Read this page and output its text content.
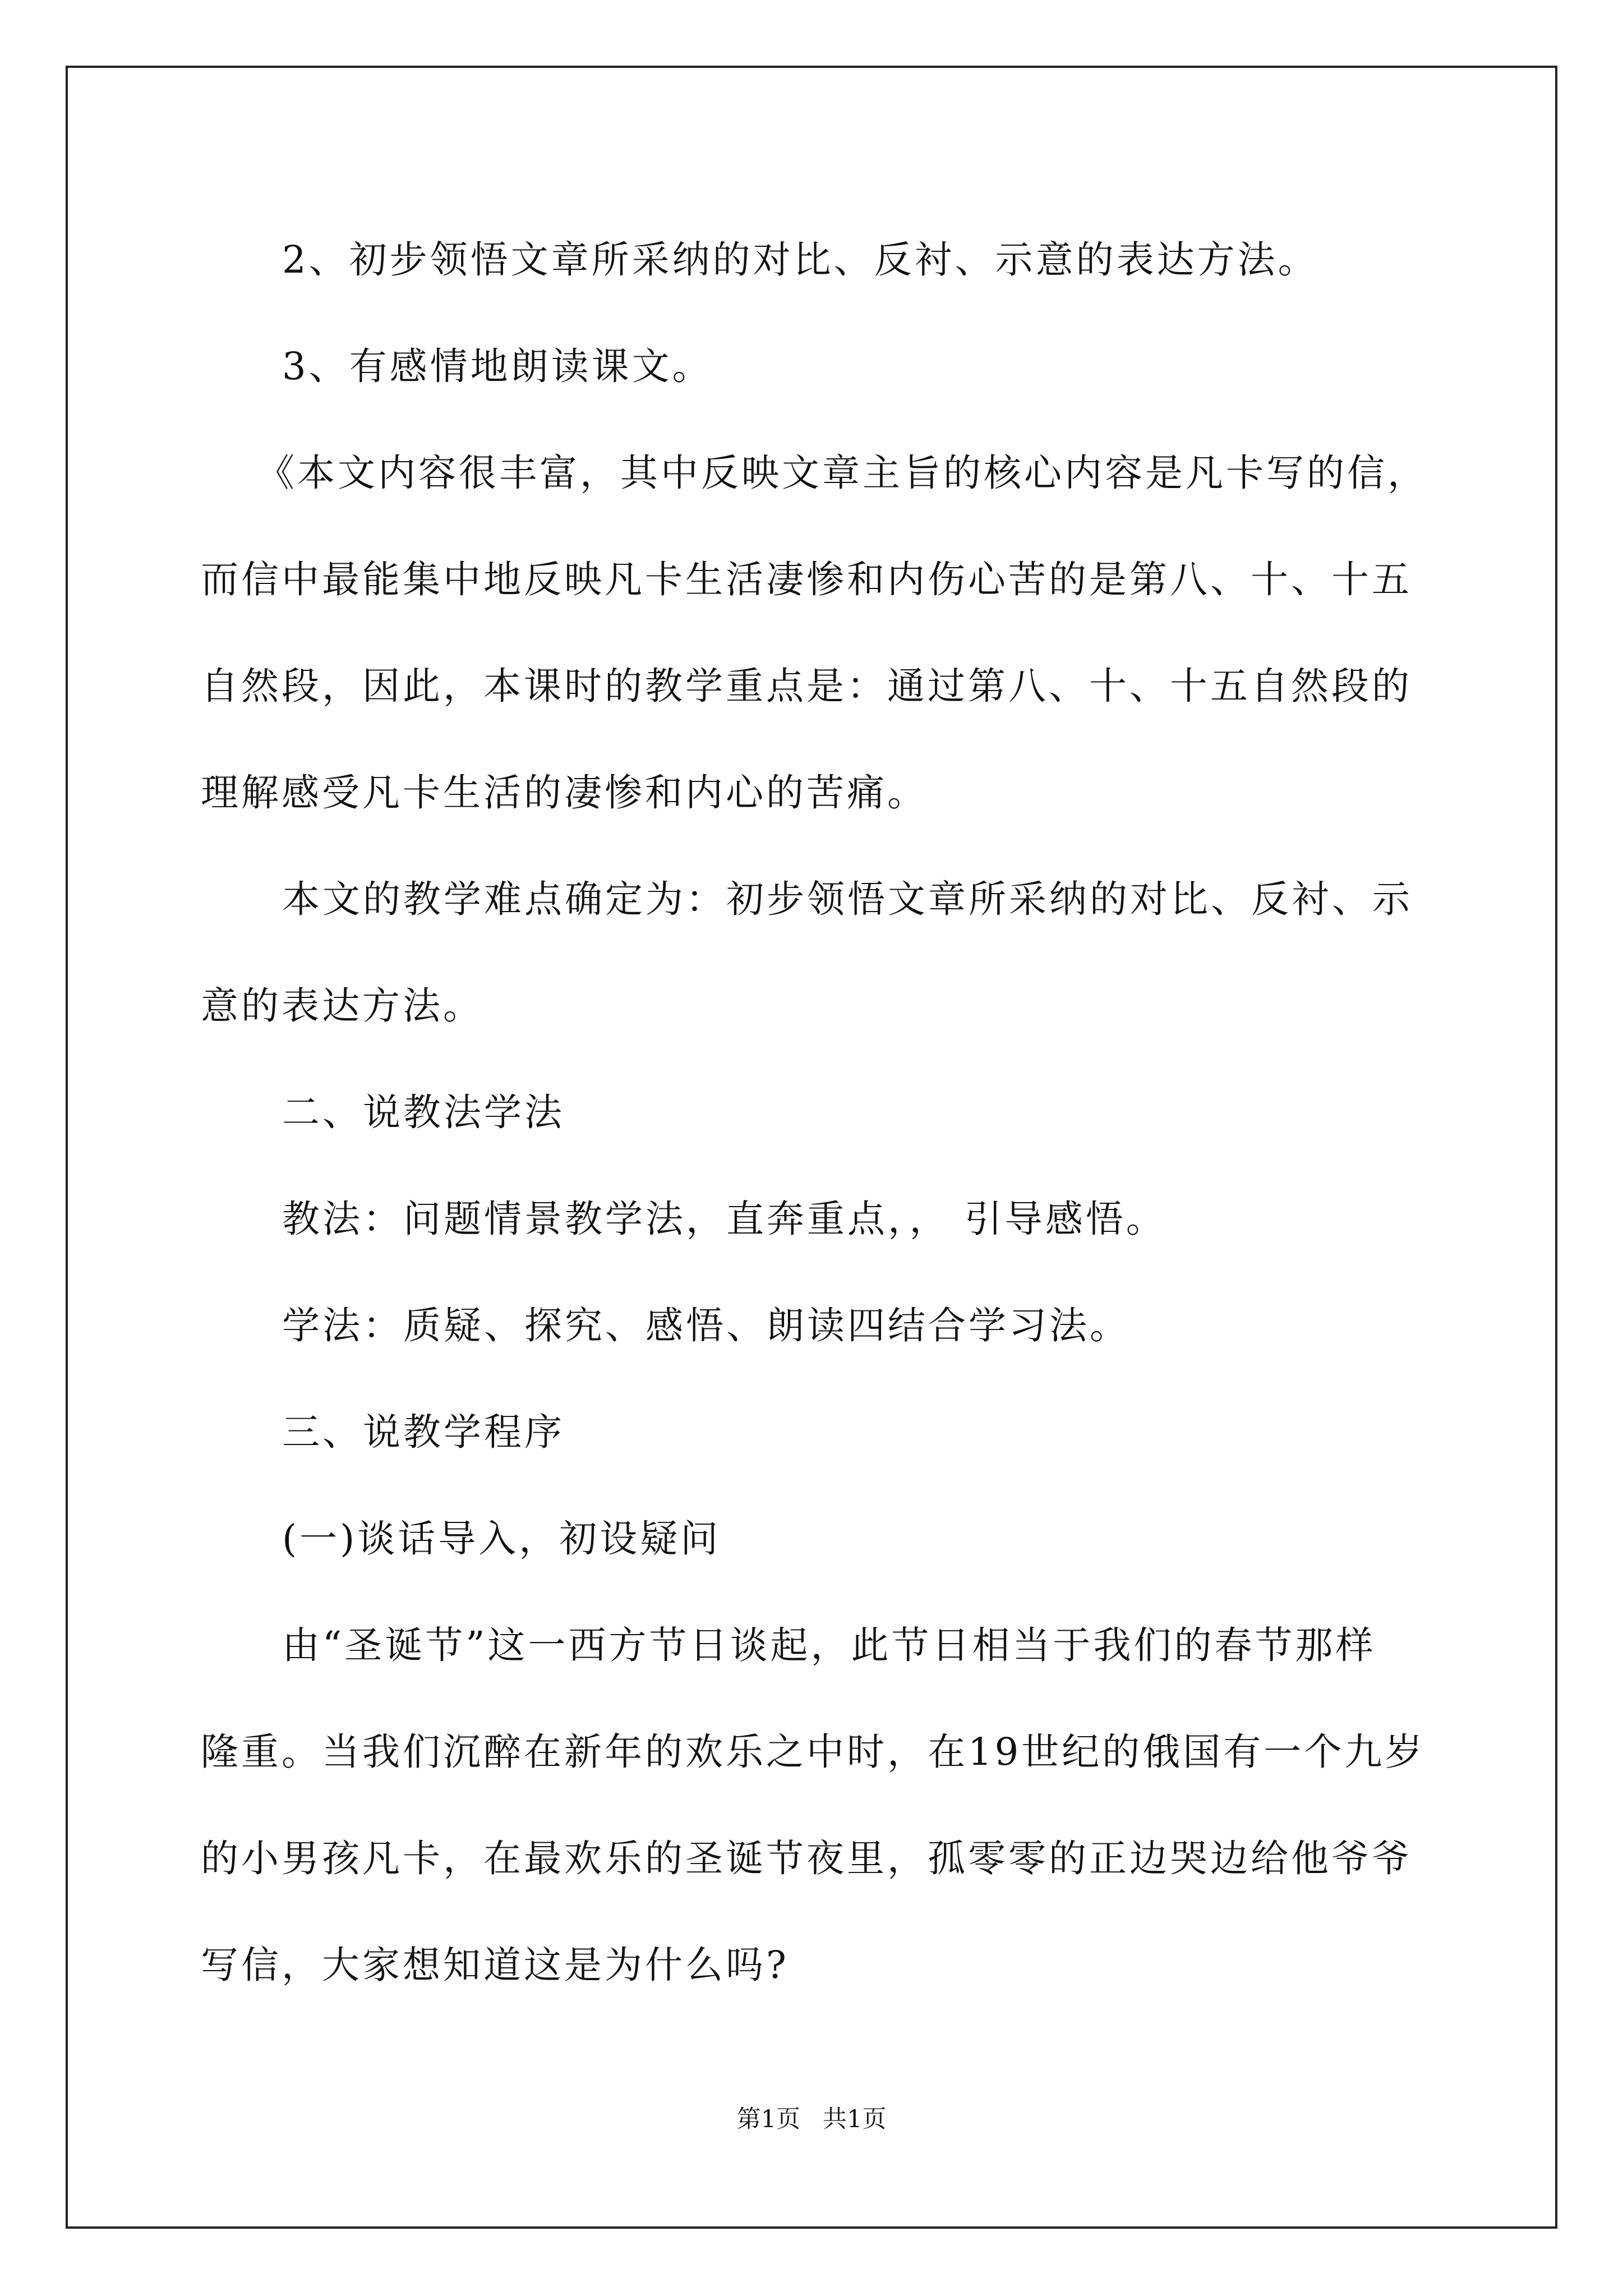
2、初步领悟文章所采纳的对比、反衬、示意的表达方法。

3、有感情地朗读课文。

《本文内容很丰富，其中反映文章主旨的核心内容是凡卡写的信，

而信中最能集中地反映凡卡生活凄惨和内伤心苦的是第八、十、十五

自然段，因此，本课时的教学重点是：通过第八、十、十五自然段的

理解感受凡卡生活的凄惨和内心的苦痛。

本文的教学难点确定为：初步领悟文章所采纳的对比、反衬、示

意的表达方法。

二、说教法学法

教法：问题情景教学法，直奔重点，， 引导感悟。

学法：质疑、探究、感悟、朗读四结合学习法。

三、说教学程序

(一)谈话导入，初设疑问

由“圣诞节”这一西方节日谈起，此节日相当于我们的春节那样

隆重。当我们沉醉在新年的欢乐之中时，在19世纪的俄国有一个九岁

的小男孩凡卡，在最欢乐的圣诞节夜里，孤零零的正边哭边给他爷爷

写信，大家想知道这是为什么吗?

第1页 共1页
